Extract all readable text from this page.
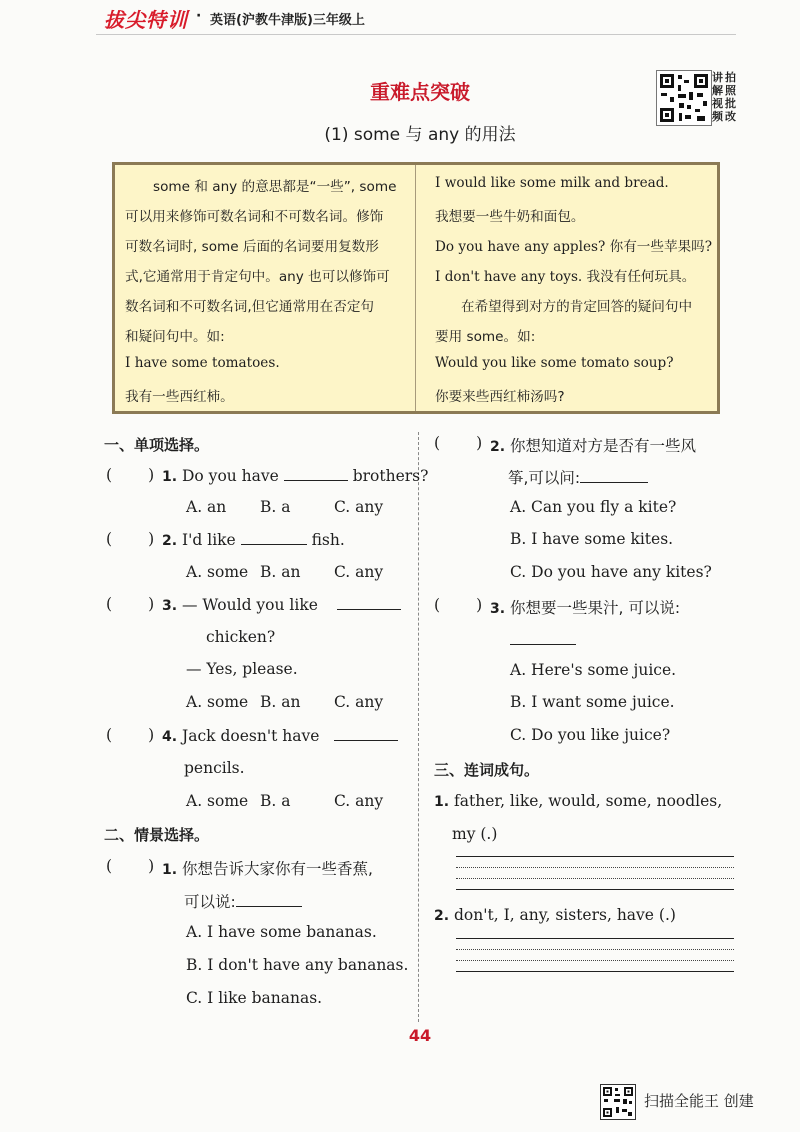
拔尖特训 · 英语(沪教牛津版)三年级上
重难点突破
(1) some 与 any 的用法
讲 拍
解 照
视 批
频 改
some 和 any 的意思都是“一些”, some
可以用来修饰可数名词和不可数名词。修饰
可数名词时, some 后面的名词要用复数形
式,它通常用于肯定句中。any 也可以修饰可
数名词和不可数名词,但它通常用在否定句
和疑问句中。如:
I have some tomatoes.
我有一些西红柿。
I would like some milk and bread.
我想要一些牛奶和面包。
Do you have any apples? 你有一些苹果吗?
I don't have any toys. 我没有任何玩具。
在希望得到对方的肯定回答的疑问句中
要用 some。如:
Would you like some tomato soup?
你要来些西红柿汤吗?
一、单项选择。
( ) 1. Do you have	brothers?
A. an B. a	C. any
( ) 2. I'd like	fish.
A. some B. an C. any
( ) 3. — Would you like
chicken?
— Yes, please.
A. some B. an C. any
( ) 4. Jack doesn't have
pencils.
A. some B. a	C. any
二、情景选择。
( ) 1. 你想告诉大家你有一些香蕉,
可以说:
A. I have some bananas.
B. I don't have any bananas.
C. I like bananas.
( ) 2. 你想知道对方是否有一些风
筝,可以问:
A. Can you fly a kite?
B. I have some kites.
C. Do you have any kites?
( ) 3. 你想要一些果汁, 可以说:
A. Here's some juice.
B. I want some juice.
C. Do you like juice?
三、连词成句。
1. father, like, would, some, noodles,
my (.)
2. don't, I, any, sisters, have (.)
44
扫描全能王 创建
